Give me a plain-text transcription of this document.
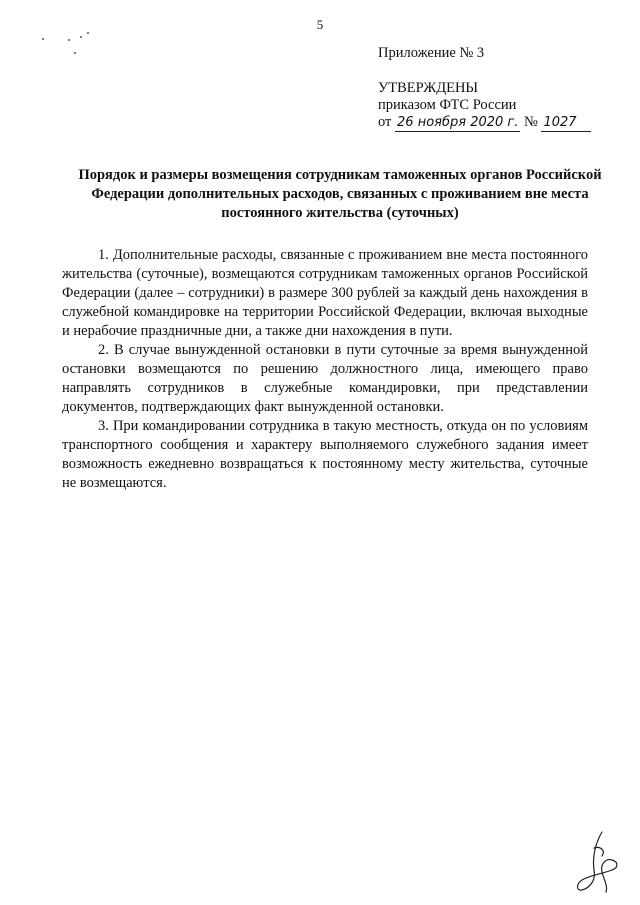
5
Приложение № 3
УТВЕРЖДЕНЫ
приказом ФТС России
от 26 ноября 2020 г. № 1027
Порядок и размеры возмещения сотрудникам таможенных органов Российской Федерации дополнительных расходов, связанных с проживанием вне места постоянного жительства (суточных)

1. Дополнительные расходы, связанные с проживанием вне места постоянного жительства (суточные), возмещаются сотрудникам таможенных органов Российской Федерации (далее – сотрудники) в размере 300 рублей за каждый день нахождения в служебной командировке на территории Российской Федерации, включая выходные и нерабочие праздничные дни, а также дни нахождения в пути.

2. В случае вынужденной остановки в пути суточные за время вынужденной остановки возмещаются по решению должностного лица, имеющего право направлять сотрудников в служебные командировки, при представлении документов, подтверждающих факт вынужденной остановки.

3. При командировании сотрудника в такую местность, откуда он по условиям транспортного сообщения и характеру выполняемого служебного задания имеет возможность ежедневно возвращаться к постоянному месту жительства, суточные не возмещаются.
